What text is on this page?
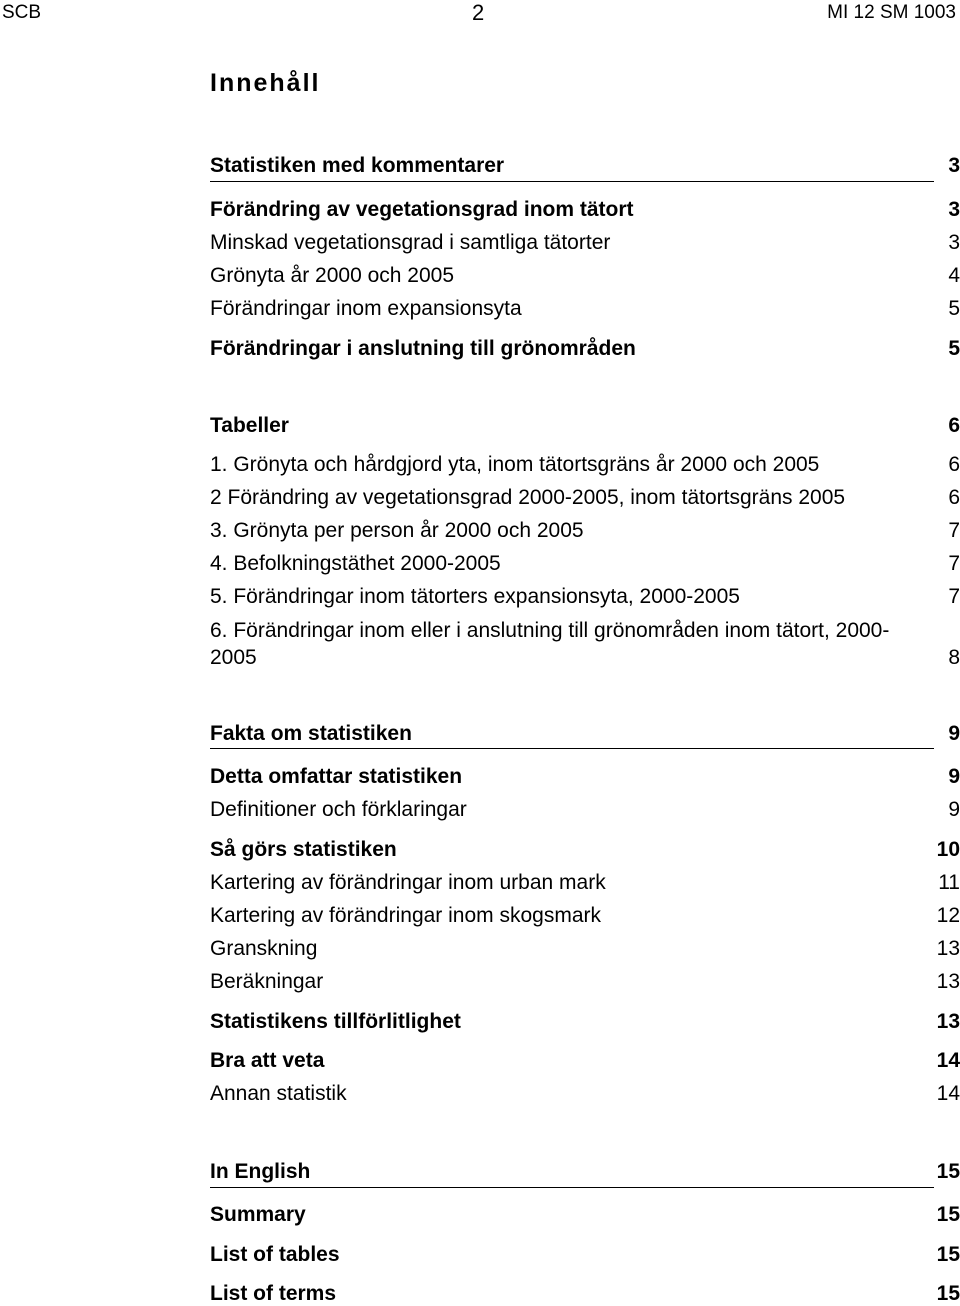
SCB	2	MI 12 SM 1003
Innehåll
Statistiken med kommentarer	3
Förändring av vegetationsgrad inom tätort	3
Minskad vegetationsgrad i samtliga tätorter	3
Grönyta år 2000 och 2005	4
Förändringar inom expansionsyta	5
Förändringar i anslutning till grönområden	5
Tabeller	6
1. Grönyta och hårdgjord yta, inom tätortsgräns år 2000 och 2005	6
2 Förändring av vegetationsgrad 2000-2005, inom tätortsgräns 2005	6
3. Grönyta per person år 2000 och 2005	7
4. Befolkningstäthet 2000-2005	7
5. Förändringar inom tätorters expansionsyta, 2000-2005	7
6. Förändringar inom eller i anslutning till grönområden inom tätort, 2000-2005	8
Fakta om statistiken	9
Detta omfattar statistiken	9
Definitioner och förklaringar	9
Så görs statistiken	10
Kartering av förändringar inom urban mark	11
Kartering av förändringar inom skogsmark	12
Granskning	13
Beräkningar	13
Statistikens tillförlitlighet	13
Bra att veta	14
Annan statistik	14
In English	15
Summary	15
List of tables	15
List of terms	15
